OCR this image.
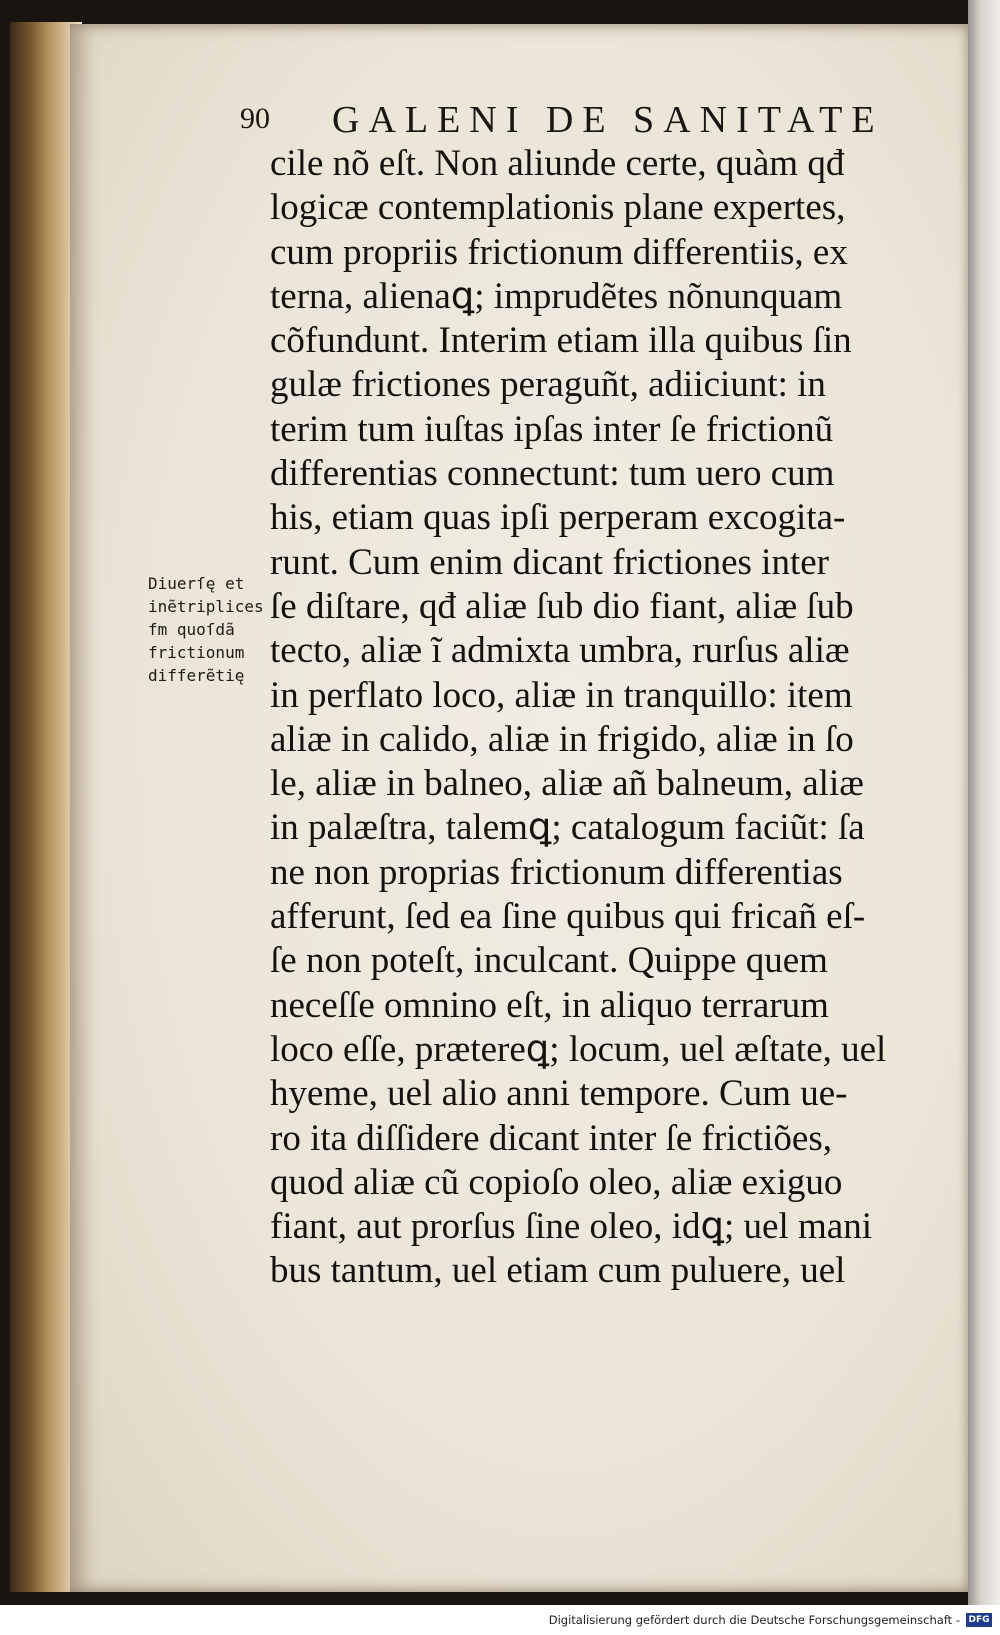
90 GALENI DE SANITATE
cile nõ eſt. Non aliunde certe, quàm qđ
logicæ contemplationis plane expertes,
cum propriis frictionum differentiis, ex
terna, alienaꝗ; imprudẽtes nõnunquam
cõfundunt. Interim etiam illa quibus ſin
gulæ frictiones peraguñt, adiiciunt: in
terim tum iuſtas ipſas inter ſe frictionũ
differentias connectunt: tum uero cum
his, etiam quas ipſi perperam excogita-
runt. Cum enim dicant frictiones inter
ſe diſtare, qđ aliæ ſub dio fiant, aliæ ſub
tecto, aliæ ĩ admixta umbra, rurſus aliæ
in perflato loco, aliæ in tranquillo: item
aliæ in calido, aliæ in frigido, aliæ in ſo
le, aliæ in balneo, aliæ añ balneum, aliæ
in palæſtra, talemꝗ; catalogum faciũt: ſa
ne non proprias frictionum differentias
afferunt, ſed ea ſine quibus qui fricañ eſ-
ſe non poteſt, inculcant. Quippe quem
neceſſe omnino eſt, in aliquo terrarum
loco eſſe, prætereꝗ; locum, uel æſtate, uel
hyeme, uel alio anni tempore. Cum ue-
ro ita diſſidere dicant inter ſe frictiões,
quod aliæ cũ copioſo oleo, aliæ exiguo
fiant, aut prorſus ſine oleo, idꝗ; uel mani
bus tantum, uel etiam cum puluere, uel
Diuerſę et
inẽtriplices
fm quoſdã
frictionum
differẽtię
Digitalisierung gefördert durch die Deutsche Forschungsgemeinschaft - DFG
